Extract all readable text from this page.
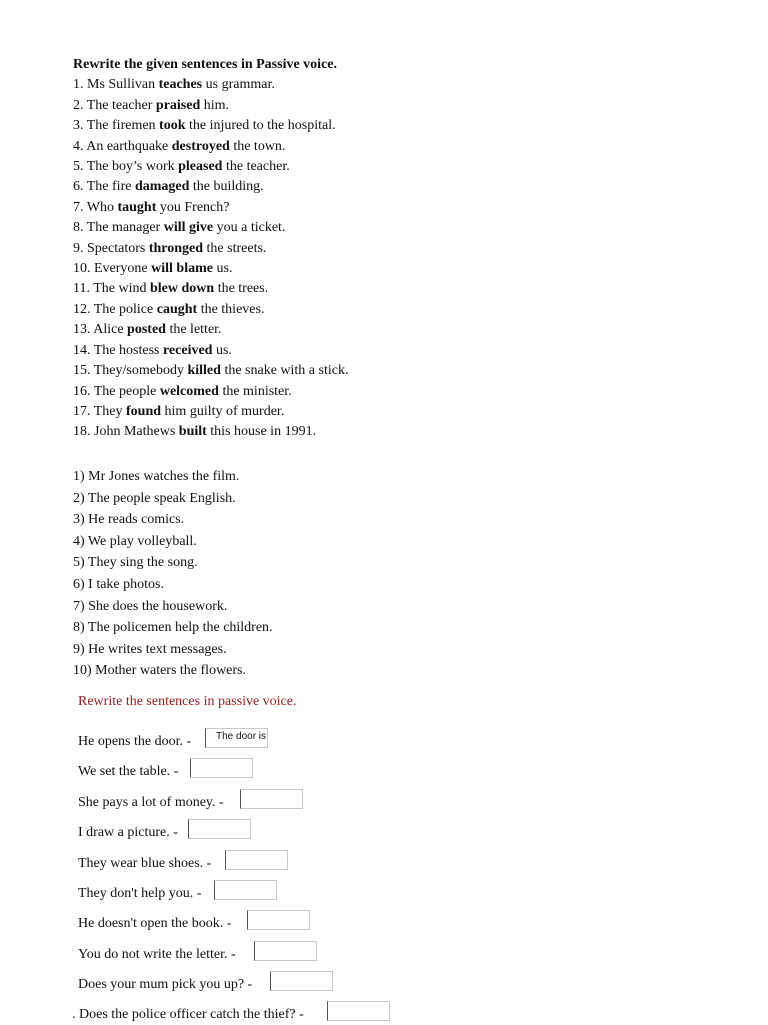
Rewrite the given sentences in Passive voice.
1. Ms Sullivan teaches us grammar.
2. The teacher praised him.
3. The firemen took the injured to the hospital.
4. An earthquake destroyed the town.
5. The boy’s work pleased the teacher.
6. The fire damaged the building.
7. Who taught you French?
8. The manager will give you a ticket.
9. Spectators thronged the streets.
10. Everyone will blame us.
11. The wind blew down the trees.
12. The police caught the thieves.
13. Alice posted the letter.
14. The hostess received us.
15. They/somebody killed the snake with a stick.
16. The people welcomed the minister.
17. They found him guilty of murder.
18. John Mathews built this house in 1991.
1) Mr Jones watches the film.
2) The people speak English.
3) He reads comics.
4) We play volleyball.
5) They sing the song.
6) I take photos.
7) She does the housework.
8) The policemen help the children.
9) He writes text messages.
10) Mother waters the flowers.
Rewrite the sentences in passive voice.
He opens the door. -	The door is
We set the table. -
She pays a lot of money. -
I draw a picture. -
They wear blue shoes. -
They don't help you. -
He doesn't open the book. -
You do not write the letter. -
Does your mum pick you up? -
. Does the police officer catch the thief? -
